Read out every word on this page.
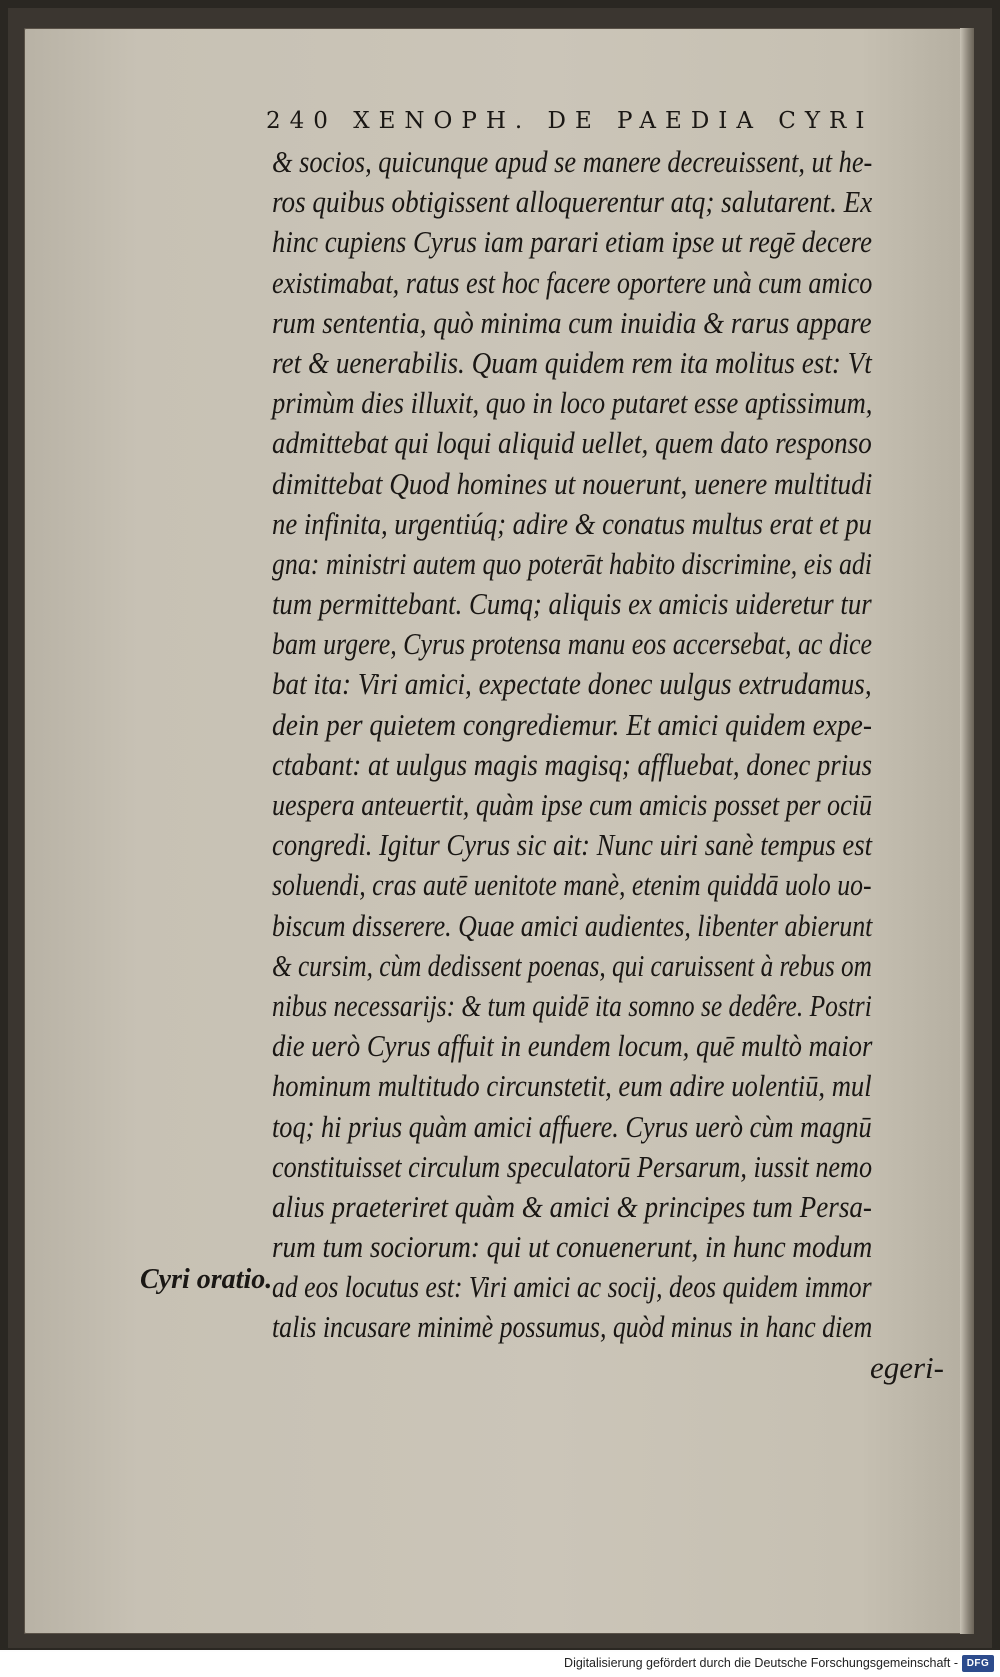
240 XENOPH. DE PAEDIA CYRI
& socios, quicunque apud se manere decreuissent, ut he-
ros quibus obtigissent alloquerentur atq; salutarent. Ex
hinc cupiens Cyrus iam parari etiam ipse ut regē decere
existimabat, ratus est hoc facere oportere unà cum amico
rum sententia, quò minima cum inuidia & rarus appare
ret & uenerabilis. Quam quidem rem ita molitus est: Vt
primùm dies illuxit, quo in loco putaret esse aptissimum,
admittebat qui loqui aliquid uellet, quem dato responso
dimittebat Quod homines ut nouerunt, uenere multitudi
ne infinita, urgentiúq; adire & conatus multus erat et pu
gna: ministri autem quo poterāt habito discrimine, eis adi
tum permittebant. Cumq; aliquis ex amicis uideretur tur
bam urgere, Cyrus protensa manu eos accersebat, ac dice
bat ita: Viri amici, expectate donec uulgus extrudamus,
dein per quietem congrediemur. Et amici quidem expe-
ctabant: at uulgus magis magisq; affluebat, donec prius
uespera anteuertit, quàm ipse cum amicis posset per ociū
congredi. Igitur Cyrus sic ait: Nunc uiri sanè tempus est
soluendi, cras autē uenitote manè, etenim quiddā uolo uo-
biscum disserere. Quae amici audientes, libenter abierunt
& cursim, cùm dedissent poenas, qui caruissent à rebus om
nibus necessarijs: & tum quidē ita somno se dedêre. Postri
die uerò Cyrus affuit in eundem locum, quē multò maior
hominum multitudo circunstetit, eum adire uolentiū, mul
toq; hi prius quàm amici affuere. Cyrus uerò cùm magnū
constituisset circulum speculatorū Persarum, iussit nemo
alius praeteriret quàm & amici & principes tum Persa-
rum tum sociorum: qui ut conuenerunt, in hunc modum
ad eos locutus est: Viri amici ac socij, deos quidem immor
talis incusare minimè possumus, quòd minus in hanc diem
egeri-
Cyri oratio.
Digitalisierung gefördert durch die Deutsche Forschungsgemeinschaft - DFG
